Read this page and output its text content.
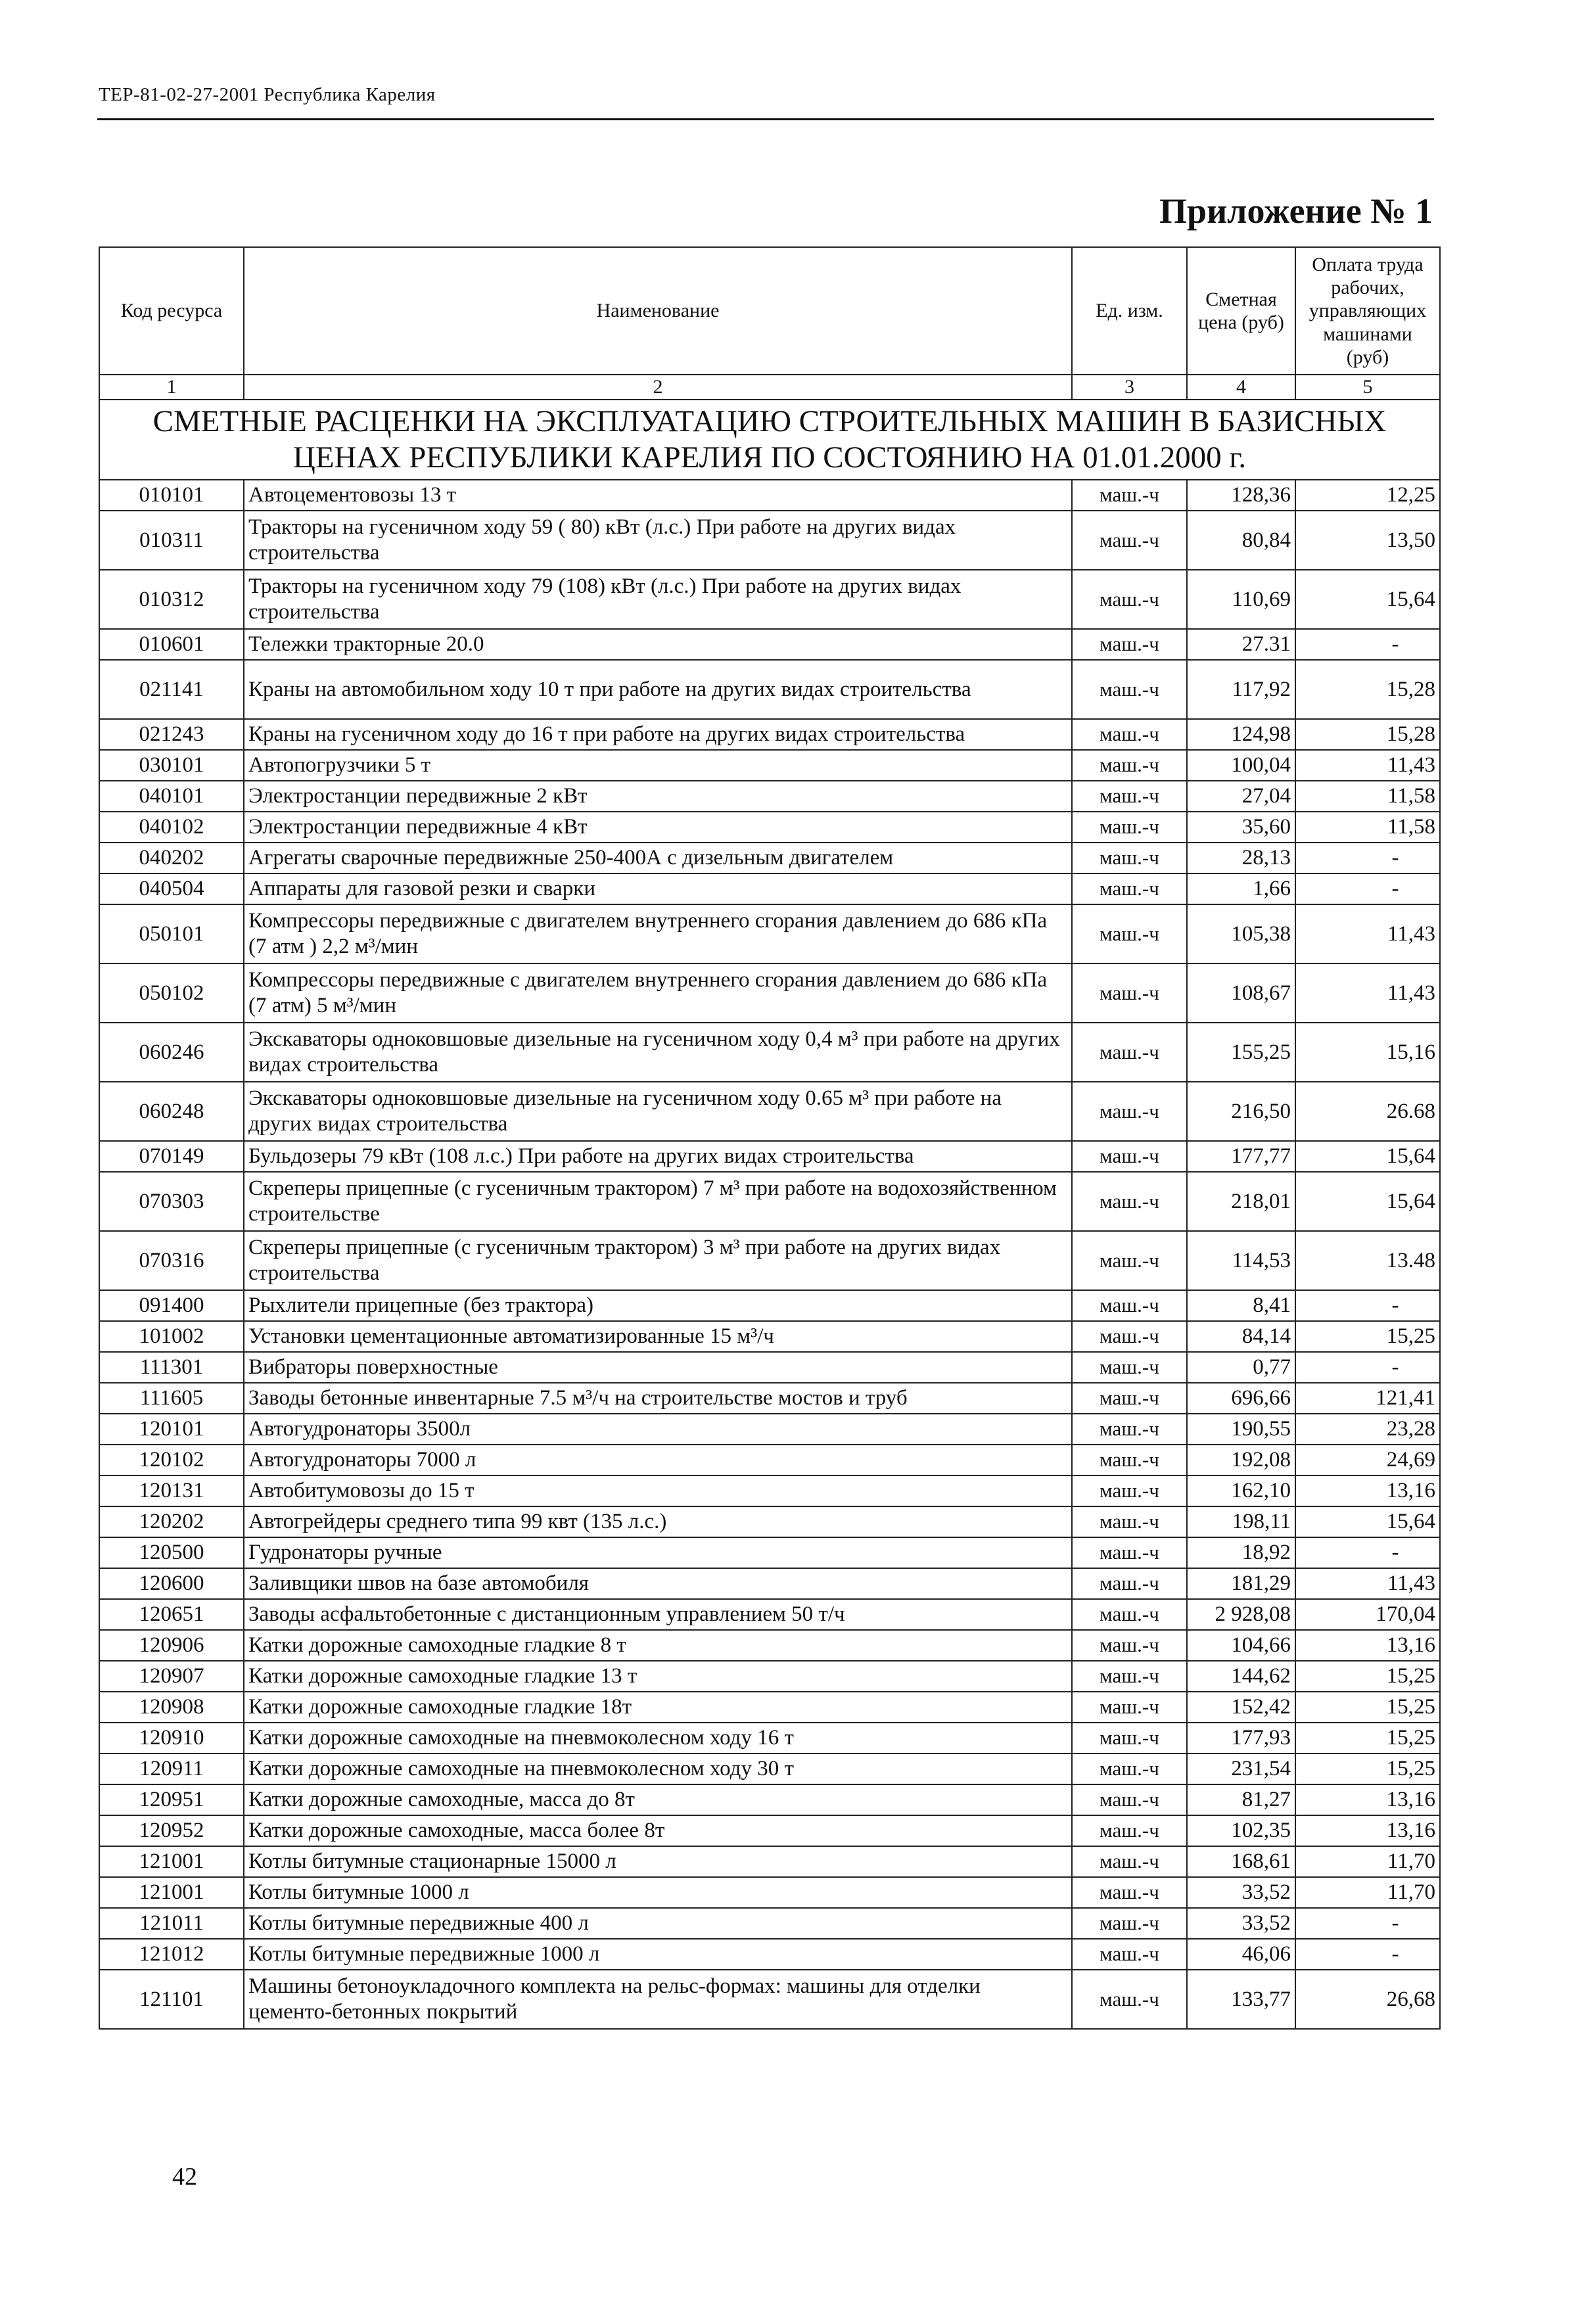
ТЕР-81-02-27-2001 Республика Карелия
Приложение № 1
Код ресурса	Наименование	Ед. изм.	Сметная цена (руб)	Оплата труда рабочих, управляющих машинами (руб)
1	2	3	4	5
СМЕТНЫЕ РАСЦЕНКИ НА ЭКСПЛУАТАЦИЮ СТРОИТЕЛЬНЫХ МАШИН В БАЗИСНЫХ ЦЕНАХ РЕСПУБЛИКИ КАРЕЛИЯ ПО СОСТОЯНИЮ НА 01.01.2000 г.				
010101	Автоцементовозы 13 т	маш.-ч	128,36	12,25
010311	Тракторы на гусеничном ходу 59 ( 80) кВт (л.с.) При работе на других видах строительства	маш.-ч	80,84	13,50
010312	Тракторы на гусеничном ходу 79 (108) кВт (л.с.) При работе на других видах строительства	маш.-ч	110,69	15,64
010601	Тележки тракторные 20.0	маш.-ч	27.31	-
021141	Краны на автомобильном ходу 10 т при работе на других видах строительства	маш.-ч	117,92	15,28
021243	Краны на гусеничном ходу до 16 т при работе на других видах строительства	маш.-ч	124,98	15,28
030101	Автопогрузчики 5 т	маш.-ч	100,04	11,43
040101	Электростанции передвижные 2 кВт	маш.-ч	27,04	11,58
040102	Электростанции передвижные 4 кВт	маш.-ч	35,60	11,58
040202	Агрегаты сварочные передвижные 250-400А с дизельным двигателем	маш.-ч	28,13	-
040504	Аппараты для газовой резки и сварки	маш.-ч	1,66	-
050101	Компрессоры передвижные с двигателем внутреннего сгорания давлением до 686 кПа (7 атм ) 2,2 м³/мин	маш.-ч	105,38	11,43
050102	Компрессоры передвижные с двигателем внутреннего сгорания давлением до 686 кПа (7 атм) 5 м³/мин	маш.-ч	108,67	11,43
060246	Экскаваторы одноковшовые дизельные на гусеничном ходу 0,4 м³ при работе на других видах строительства	маш.-ч	155,25	15,16
060248	Экскаваторы одноковшовые дизельные на гусеничном ходу 0.65 м³ при работе на других видах строительства	маш.-ч	216,50	26.68
070149	Бульдозеры 79 кВт (108 л.с.) При работе на других видах строительства	маш.-ч	177,77	15,64
070303	Скреперы прицепные (с гусеничным трактором) 7 м³ при работе на водохозяйственном строительстве	маш.-ч	218,01	15,64
070316	Скреперы прицепные (с гусеничным трактором) 3 м³ при работе на других видах строительства	маш.-ч	114,53	13.48
091400	Рыхлители прицепные (без трактора)	маш.-ч	8,41	-
101002	Установки цементационные автоматизированные 15 м³/ч	маш.-ч	84,14	15,25
111301	Вибраторы поверхностные	маш.-ч	0,77	-
111605	Заводы бетонные инвентарные 7.5 м³/ч на строительстве мостов и труб	маш.-ч	696,66	121,41
120101	Автогудронаторы 3500л	маш.-ч	190,55	23,28
120102	Автогудронаторы 7000 л	маш.-ч	192,08	24,69
120131	Автобитумовозы до 15 т	маш.-ч	162,10	13,16
120202	Автогрейдеры среднего типа 99 квт (135 л.с.)	маш.-ч	198,11	15,64
120500	Гудронаторы ручные	маш.-ч	18,92	-
120600	Заливщики швов на базе автомобиля	маш.-ч	181,29	11,43
120651	Заводы асфальтобетонные с дистанционным управлением 50 т/ч	маш.-ч	2 928,08	170,04
120906	Катки дорожные самоходные гладкие 8 т	маш.-ч	104,66	13,16
120907	Катки дорожные самоходные гладкие 13 т	маш.-ч	144,62	15,25
120908	Катки дорожные самоходные гладкие 18т	маш.-ч	152,42	15,25
120910	Катки дорожные самоходные на пневмоколесном ходу 16 т	маш.-ч	177,93	15,25
120911	Катки дорожные самоходные на пневмоколесном ходу 30 т	маш.-ч	231,54	15,25
120951	Катки дорожные самоходные, масса до 8т	маш.-ч	81,27	13,16
120952	Катки дорожные самоходные, масса более 8т	маш.-ч	102,35	13,16
121001	Котлы битумные стационарные 15000 л	маш.-ч	168,61	11,70
121001	Котлы битумные 1000 л	маш.-ч	33,52	11,70
121011	Котлы битумные передвижные 400 л	маш.-ч	33,52	-
121012	Котлы битумные передвижные 1000 л	маш.-ч	46,06	-
121101	Машины бетоноукладочного комплекта на рельс-формах: машины для отделки цементо-бетонных покрытий	маш.-ч	133,77	26,68
42
